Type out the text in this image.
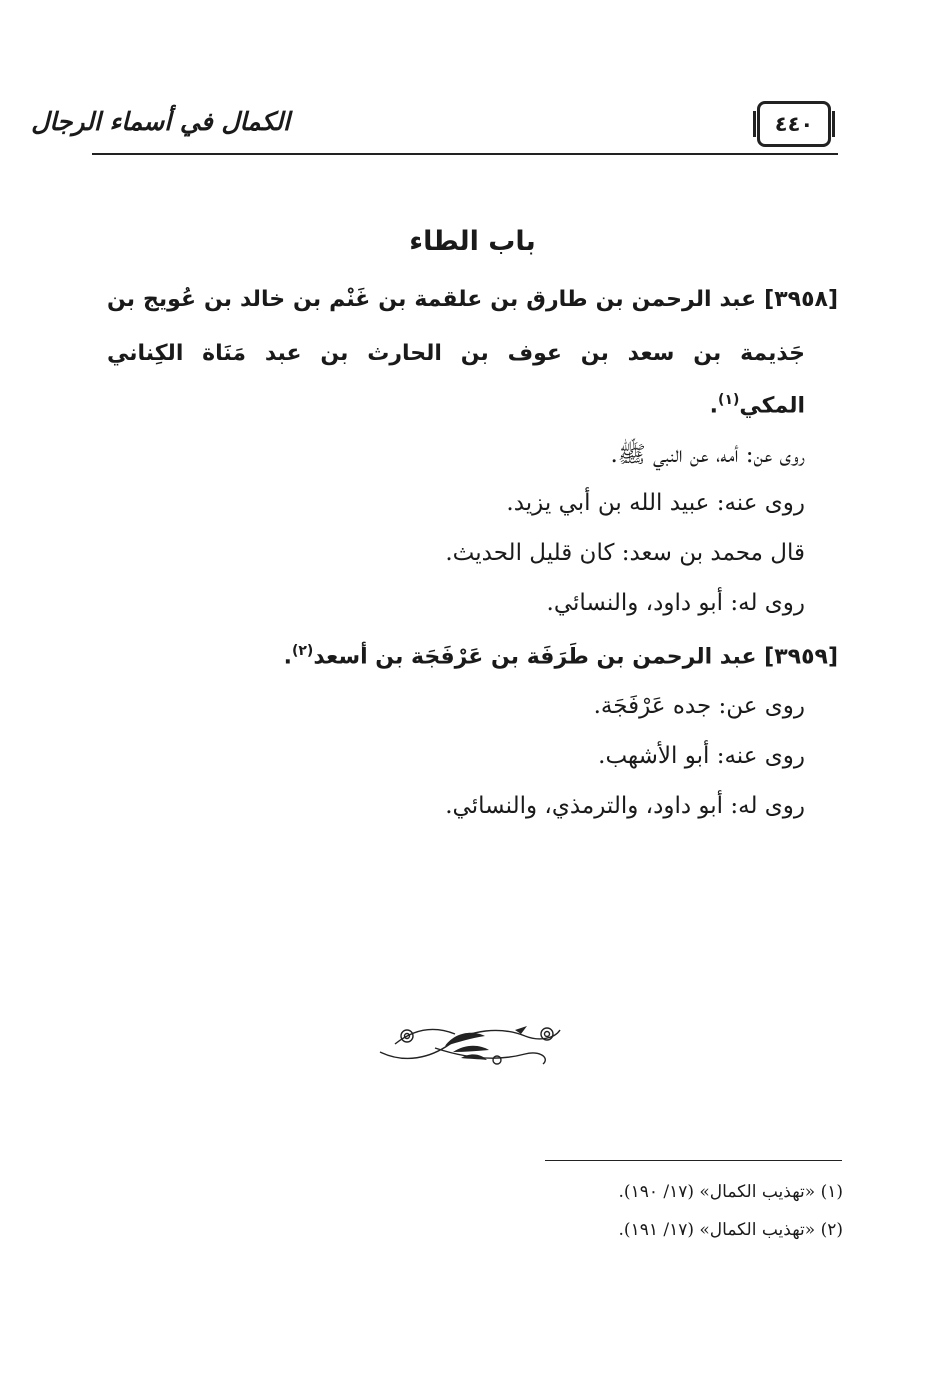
٤٤٠
الكمال في أسماء الرجال
باب الطاء
[٣٩٥٨] عبد الرحمن بن طارق بن علقمة بن غَنْم بن خالد بن عُويج بن
جَذيمة بن سعد بن عوف بن الحارث بن عبد مَنَاة الكِناني
المكي$^{(١)}$.
روى عن: أمه، عن النبي ﷺ.
روى عنه: عبيد الله بن أبي يزيد.
قال محمد بن سعد: كان قليل الحديث.
روى له: أبو داود، والنسائي.
[٣٩٥٩] عبد الرحمن بن طَرَفَة بن عَرْفَجَة بن أسعد$^{(٢)}$.
روى عن: جده عَرْفَجَة.
روى عنه: أبو الأشهب.
روى له: أبو داود، والترمذي، والنسائي.
(١) «تهذيب الكمال» (١٧/ ١٩٠).
(٢) «تهذيب الكمال» (١٧/ ١٩١).
